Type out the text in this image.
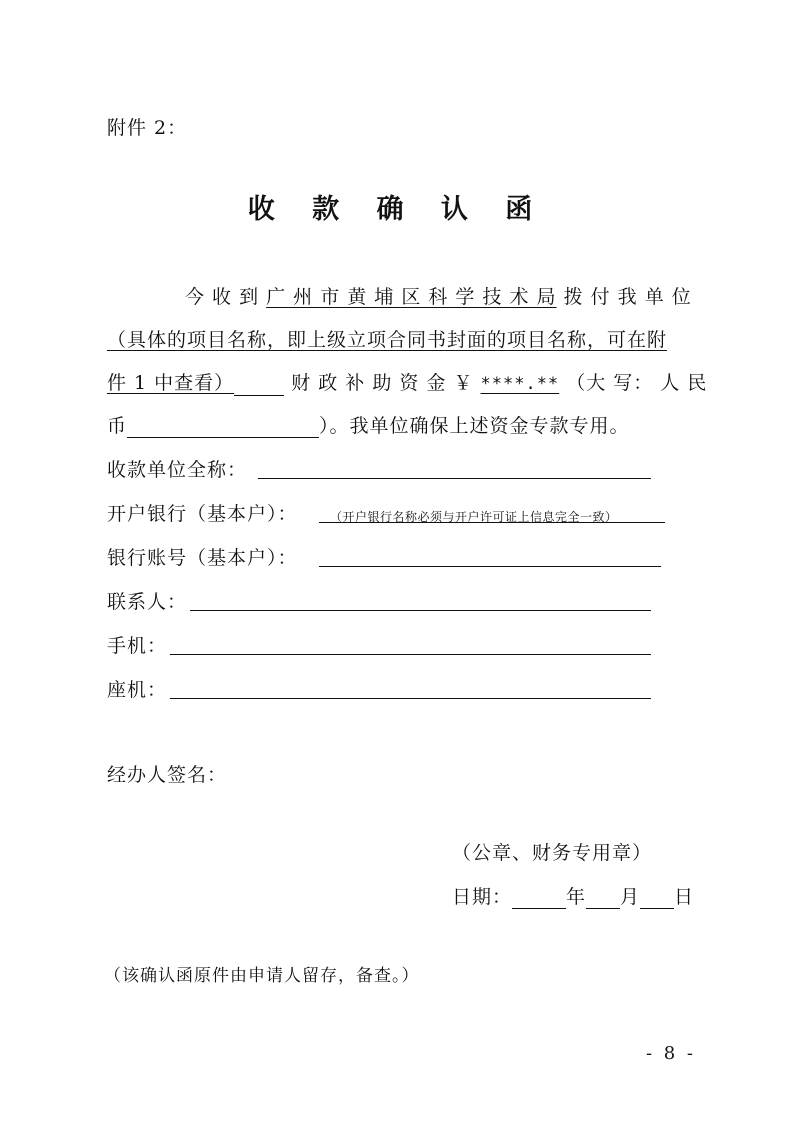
附件 2：
收 款 确 认 函
今 收 到 广 州 市 黄 埔 区 科 学 技 术 局 拨 付 我 单 位
（具体的项目名称，即上级立项合同书封面的项目名称，可在附
件 1 中查看）	财 政 补 助 资 金 ￥ ****.** （大 写： 人 民
币	）。我单位确保上述资金专款专用。
收款单位全称：
开户银行（基本户）：	（开户银行名称必须与开户许可证上信息完全一致）
银行账号（基本户）：
联系人：
手机：
座机：
经办人签名：
（公章、财务专用章）
日期：	年 月 日
（该确认函原件由申请人留存，备查。）
- 8 -
